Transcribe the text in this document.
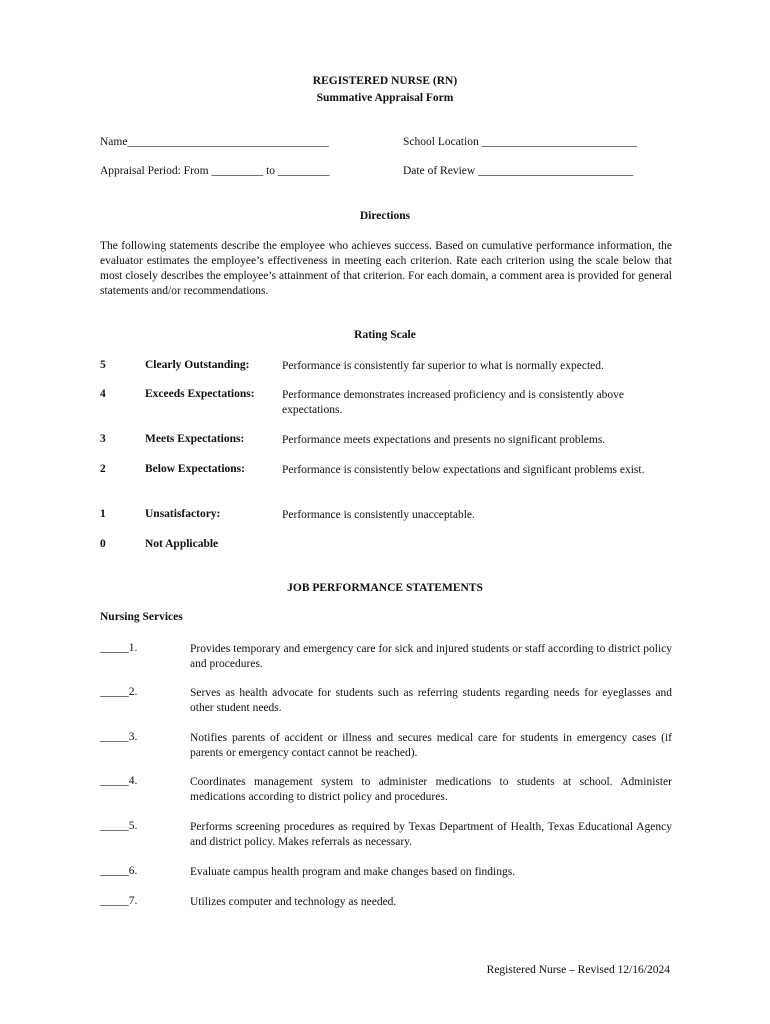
REGISTERED NURSE (RN)
Summative Appraisal Form
Name___________________________________	School Location ___________________________
Appraisal Period: From _________ to _________	Date of Review ___________________________
Directions
The following statements describe the employee who achieves success. Based on cumulative performance information, the evaluator estimates the employee’s effectiveness in meeting each criterion. Rate each criterion using the scale below that most closely describes the employee’s attainment of that criterion. For each domain, a comment area is provided for general statements and/or recommendations.
Rating Scale
5	Clearly Outstanding:	Performance is consistently far superior to what is normally expected.
4	Exceeds Expectations: Performance demonstrates increased proficiency and is consistently above expectations.
3	Meets Expectations:	Performance meets expectations and presents no significant problems.
2	Below Expectations:	Performance is consistently below expectations and significant problems exist.
1	Unsatisfactory:	Performance is consistently unacceptable.
0	Not Applicable
JOB PERFORMANCE STATEMENTS
Nursing Services
_____1.	Provides temporary and emergency care for sick and injured students or staff according to district policy and procedures.
_____2.	Serves as health advocate for students such as referring students regarding needs for eyeglasses and other student needs.
_____3.	Notifies parents of accident or illness and secures medical care for students in emergency cases (if parents or emergency contact cannot be reached).
_____4.	Coordinates management system to administer medications to students at school. Administer medications according to district policy and procedures.
_____5.	Performs screening procedures as required by Texas Department of Health, Texas Educational Agency and district policy. Makes referrals as necessary.
_____6.	Evaluate campus health program and make changes based on findings.
_____7.	Utilizes computer and technology as needed.
Registered Nurse – Revised 12/16/2024
